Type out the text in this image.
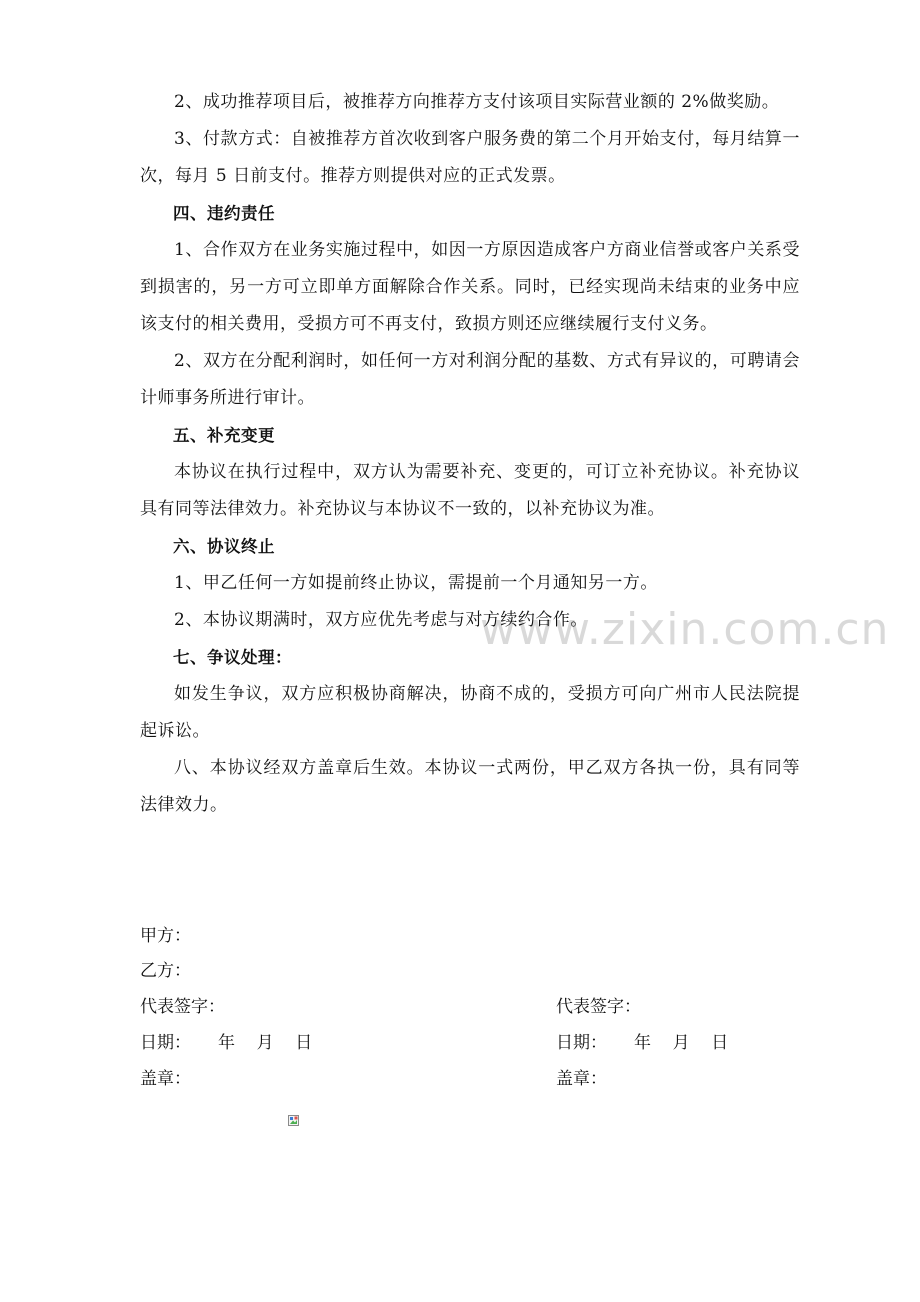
www.zixin.com.cn

2、成功推荐项目后，被推荐方向推荐方支付该项目实际营业额的 2%做奖励。

3、付款方式：自被推荐方首次收到客户服务费的第二个月开始支付，每月结算一次，每月 5 日前支付。推荐方则提供对应的正式发票。

四、违约责任

1、合作双方在业务实施过程中，如因一方原因造成客户方商业信誉或客户关系受到损害的，另一方可立即单方面解除合作关系。同时，已经实现尚未结束的业务中应该支付的相关费用，受损方可不再支付，致损方则还应继续履行支付义务。

2、双方在分配利润时，如任何一方对利润分配的基数、方式有异议的，可聘请会计师事务所进行审计。

五、补充变更

本协议在执行过程中，双方认为需要补充、变更的，可订立补充协议。补充协议具有同等法律效力。补充协议与本协议不一致的，以补充协议为准。

六、协议终止

1、甲乙任何一方如提前终止协议，需提前一个月通知另一方。

2、本协议期满时，双方应优先考虑与对方续约合作。

七、争议处理：

如发生争议，双方应积极协商解决，协商不成的，受损方可向广州市人民法院提起诉讼。

八、本协议经双方盖章后生效。本协议一式两份，甲乙双方各执一份，具有同等法律效力。

甲方：
乙方：
代表签字：
日期：     年    月    日
盖章：
代表签字：
日期：     年    月    日
盖章：
